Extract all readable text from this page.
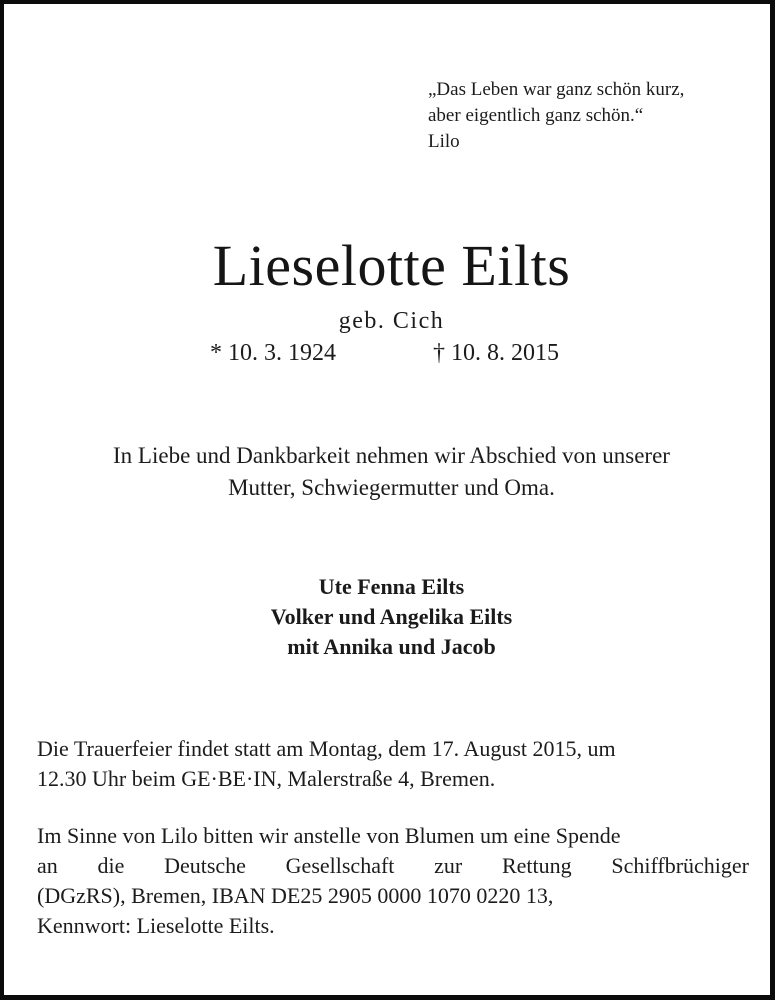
„Das Leben war ganz schön kurz,
aber eigentlich ganz schön.“
Lilo
Lieselotte Eilts
geb. Cich
* 10. 3. 1924	† 10. 8. 2015
In Liebe und Dankbarkeit nehmen wir Abschied von unserer
Mutter, Schwiegermutter und Oma.
Ute Fenna Eilts
Volker und Angelika Eilts
mit Annika und Jacob
Die Trauerfeier findet statt am Montag, dem 17. August 2015, um
12.30 Uhr beim GE·BE·IN, Malerstraße 4, Bremen.
Im Sinne von Lilo bitten wir anstelle von Blumen um eine Spende
an die Deutsche Gesellschaft zur Rettung Schiffbrüchiger
(DGzRS), Bremen, IBAN DE25 2905 0000 1070 0220 13,
Kennwort: Lieselotte Eilts.
